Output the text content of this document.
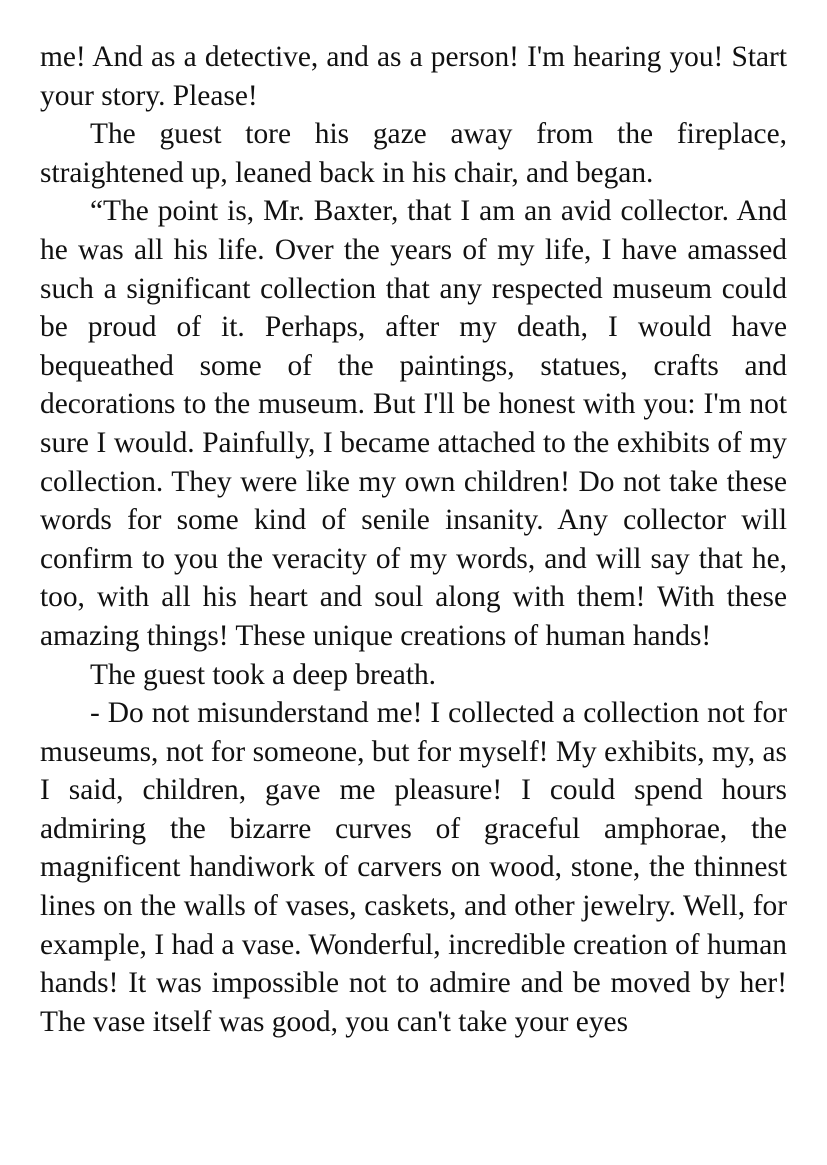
me! And as a detective, and as a person! I'm hearing you! Start your story. Please!

The guest tore his gaze away from the fireplace, straightened up, leaned back in his chair, and began.

“The point is, Mr. Baxter, that I am an avid collector. And he was all his life. Over the years of my life, I have amassed such a significant collection that any respected museum could be proud of it. Perhaps, after my death, I would have bequeathed some of the paintings, statues, crafts and decorations to the museum. But I'll be honest with you: I'm not sure I would. Painfully, I became attached to the exhibits of my collection. They were like my own children! Do not take these words for some kind of senile insanity. Any collector will confirm to you the veracity of my words, and will say that he, too, with all his heart and soul along with them! With these amazing things! These unique creations of human hands!

The guest took a deep breath.

- Do not misunderstand me! I collected a collection not for museums, not for someone, but for myself! My exhibits, my, as I said, children, gave me pleasure! I could spend hours admiring the bizarre curves of graceful amphorae, the magnificent handiwork of carvers on wood, stone, the thinnest lines on the walls of vases, caskets, and other jewelry. Well, for example, I had a vase. Wonderful, incredible creation of human hands! It was impossible not to admire and be moved by her! The vase itself was good, you can't take your eyes
